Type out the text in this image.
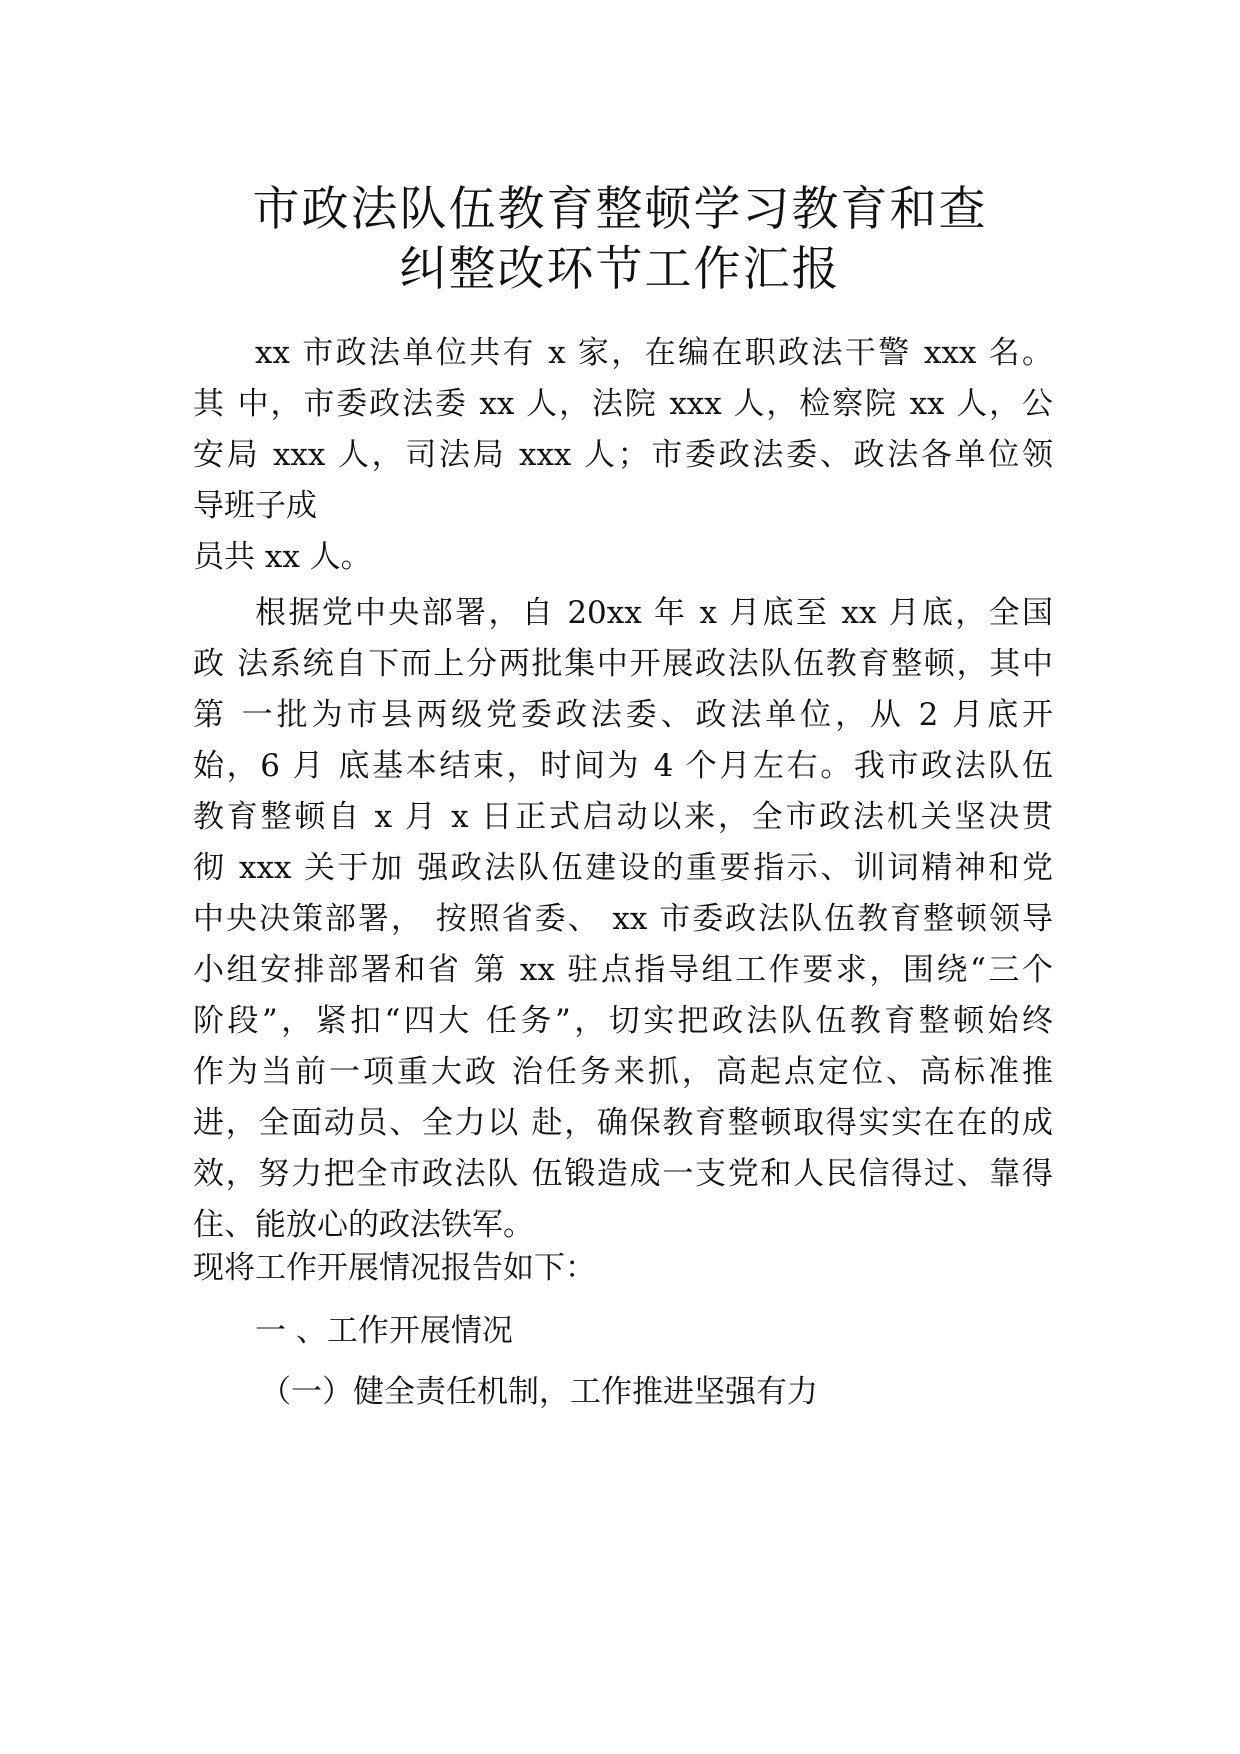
市政法队伍教育整顿学习教育和查
纠整改环节工作汇报

xx 市政法单位共有 x 家，在编在职政法干警 xxx 名。

其 中，市委政法委 xx 人，法院 xxx 人，检察院 xx 人，公

安局 xxx 人，司法局 xxx 人；市委政法委、政法各单位领

导班子成

员共 xx 人。

根据党中央部署，自 20xx 年 x 月底至 xx 月底，全国

政 法系统自下而上分两批集中开展政法队伍教育整顿，其中

第 一批为市县两级党委政法委、政法单位，从 2 月底开

始，6 月 底基本结束，时间为 4 个月左右。我市政法队伍

教育整顿自 x 月 x 日正式启动以来，全市政法机关坚决贯

彻 xxx 关于加 强政法队伍建设的重要指示、训词精神和党

中央决策部署， 按照省委、 xx 市委政法队伍教育整顿领导

小组安排部署和省 第 xx 驻点指导组工作要求，围绕“三个

阶段”，紧扣“四大 任务”，切实把政法队伍教育整顿始终

作为当前一项重大政 治任务来抓，高起点定位、高标准推

进，全面动员、全力以 赴，确保教育整顿取得实实在在的成

效，努力把全市政法队 伍锻造成一支党和人民信得过、靠得

住、能放心的政法铁军。

现将工作开展情况报告如下：

一 、工作开展情况

（一）健全责任机制，工作推进坚强有力
